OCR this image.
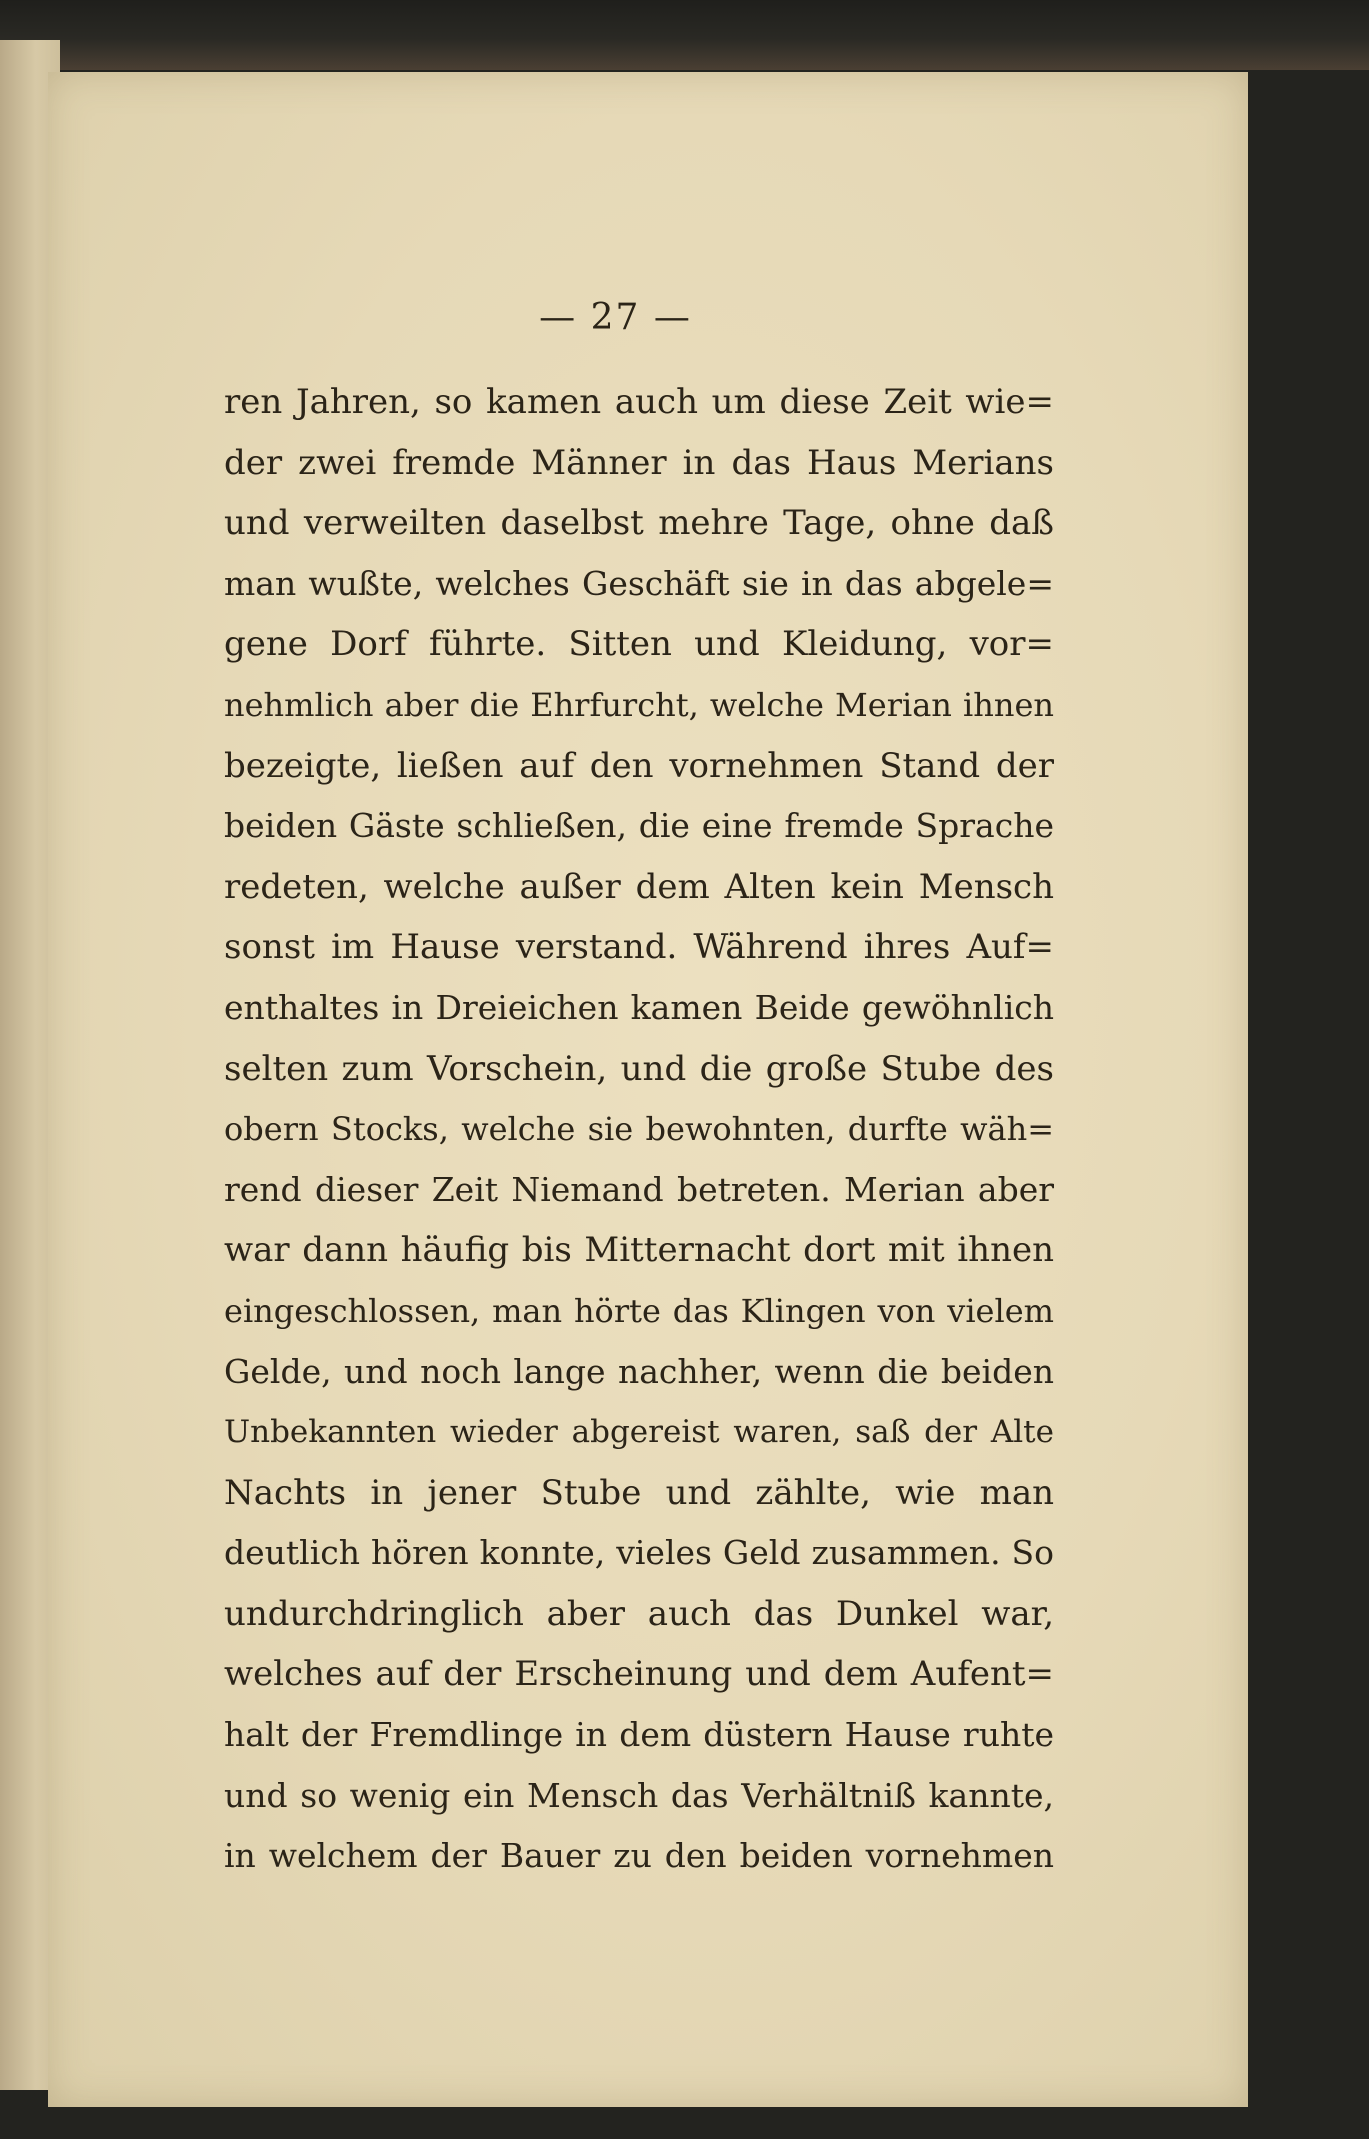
— 27 —
ren Jahren, so kamen auch um diese Zeit wie=
der zwei fremde Männer in das Haus Merians
und verweilten daselbst mehre Tage, ohne daß
man wußte, welches Geschäft sie in das abgele=
gene Dorf führte. Sitten und Kleidung, vor=
nehmlich aber die Ehrfurcht, welche Merian ihnen
bezeigte, ließen auf den vornehmen Stand der
beiden Gäste schließen, die eine fremde Sprache
redeten, welche außer dem Alten kein Mensch
sonst im Hause verstand. Während ihres Auf=
enthaltes in Dreieichen kamen Beide gewöhnlich
selten zum Vorschein, und die große Stube des
obern Stocks, welche sie bewohnten, durfte wäh=
rend dieser Zeit Niemand betreten. Merian aber
war dann häufig bis Mitternacht dort mit ihnen
eingeschlossen, man hörte das Klingen von vielem
Gelde, und noch lange nachher, wenn die beiden
Unbekannten wieder abgereist waren, saß der Alte
Nachts in jener Stube und zählte, wie man
deutlich hören konnte, vieles Geld zusammen. So
undurchdringlich aber auch das Dunkel war,
welches auf der Erscheinung und dem Aufent=
halt der Fremdlinge in dem düstern Hause ruhte
und so wenig ein Mensch das Verhältniß kannte,
in welchem der Bauer zu den beiden vornehmen
